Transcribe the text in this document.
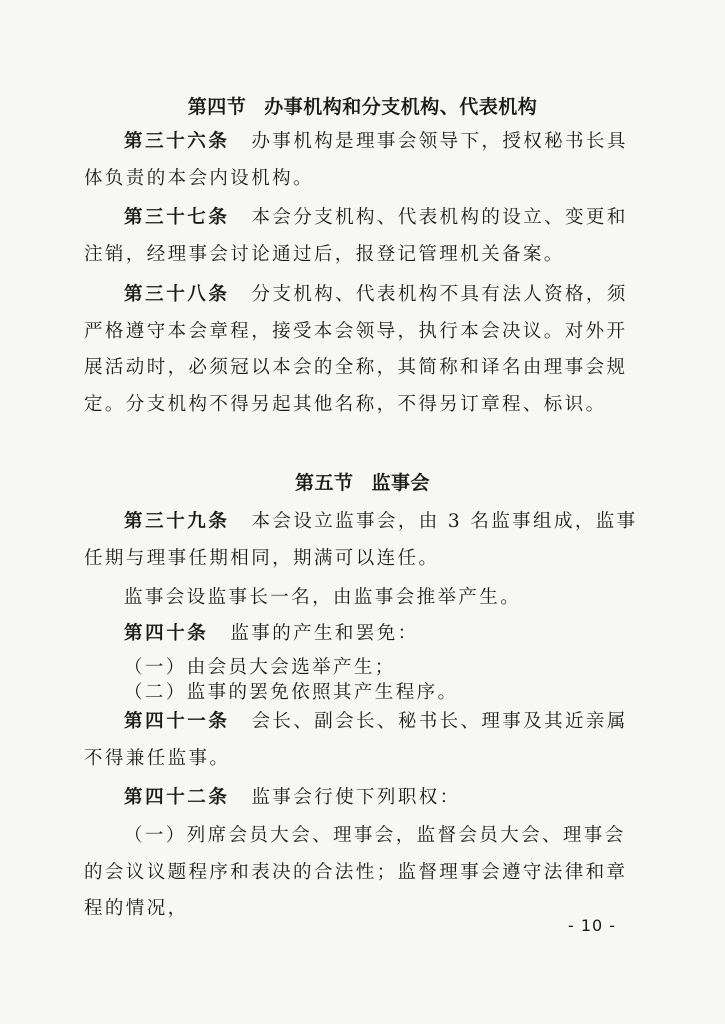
第四节 办事机构和分支机构、代表机构

第三十六条 办事机构是理事会领导下，授权秘书长具体负责的本会内设机构。

第三十七条 本会分支机构、代表机构的设立、变更和注销，经理事会讨论通过后，报登记管理机关备案。

第三十八条 分支机构、代表机构不具有法人资格，须严格遵守本会章程，接受本会领导，执行本会决议。对外开展活动时，必须冠以本会的全称，其简称和译名由理事会规定。分支机构不得另起其他名称，不得另订章程、标识。

第五节 监事会

第三十九条 本会设立监事会，由 3 名监事组成，监事任期与理事任期相同，期满可以连任。

监事会设监事长一名，由监事会推举产生。

第四十条 监事的产生和罢免：

（一）由会员大会选举产生；

（二）监事的罢免依照其产生程序。

第四十一条 会长、副会长、秘书长、理事及其近亲属不得兼任监事。

第四十二条 监事会行使下列职权：

（一）列席会员大会、理事会，监督会员大会、理事会的会议议题程序和表决的合法性；监督理事会遵守法律和章程的情况，

- 10 -
